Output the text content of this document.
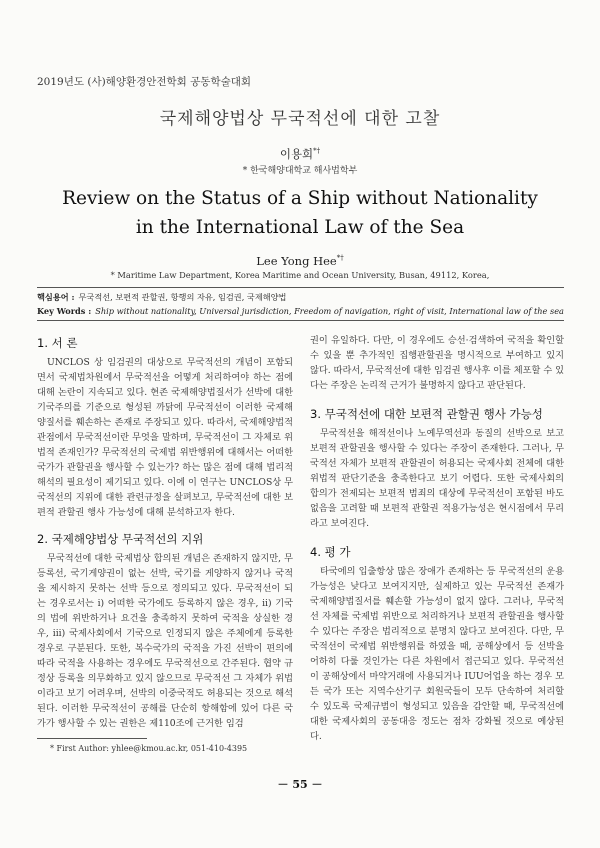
2019년도 (사)해양환경안전학회 공동학술대회
국제해양법상 무국적선에 대한 고찰
이용희*†
* 한국해양대학교 해사법학부
Review on the Status of a Ship without Nationality
in the International Law of the Sea
Lee Yong Hee*†
* Maritime Law Department, Korea Maritime and Ocean University, Busan, 49112, Korea,
핵심용어 : 무국적선, 보편적 관할권, 항행의 자유, 임검권, 국제해양법
Key Words : Ship without nationality, Universal jurisdiction, Freedom of navigation, right of visit, International law of the sea
1. 서 론

UNCLOS 상 임검권의 대상으로 무국적선의 개념이 포함되면서 국제법차원에서 무국적선을 어떻게 처리하여야 하는 점에 대해 논란이 지속되고 있다. 현존 국제해양법질서가 선박에 대한 기국주의를 기준으로 형성된 까닭에 무국적선이 이러한 국제해양질서를 훼손하는 존재로 주장되고 있다. 따라서, 국제해양법적 관점에서 무국적선이란 무엇을 말하며, 무국적선이 그 자체로 위법적 존재인가? 무국적선의 국제법 위반행위에 대해서는 어떠한 국가가 관할권을 행사할 수 있는가? 하는 많은 점에 대해 법리적 해석의 필요성이 제기되고 있다. 이에 이 연구는 UNCLOS상 무국적선의 지위에 대한 관련규정을 살펴보고, 무국적선에 대한 보편적 관할권 행사 가능성에 대해 분석하고자 한다.

2. 국제해양법상 무국적선의 지위

무국적선에 대한 국제법상 합의된 개념은 존재하지 않지만, 무등록선, 국기게양권이 없는 선박, 국기를 게양하지 않거나 국적을 제시하지 못하는 선박 등으로 정의되고 있다. 무국적선이 되는 경우로서는 i) 어떠한 국가에도 등록하지 않은 경우, ii) 기국의 법에 위반하거나 요건을 충족하지 못하여 국적을 상실한 경우, iii) 국제사회에서 기국으로 인정되지 않은 주체에게 등록한 경우로 구분된다. 또한, 복수국가의 국적을 가진 선박이 편의에 따라 국적을 사용하는 경우에도 무국적선으로 간주된다. 협약 규정상 등록을 의무화하고 있지 않으므로 무국적선 그 자체가 위법이라고 보기 어려우며, 선박의 이중국적도 허용되는 것으로 해석된다. 이러한 무국적선이 공해를 단순히 항해함에 있어 다른 국가가 행사할 수 있는 권한은 제110조에 근거한 임검

권이 유일하다. 다만, 이 경우에도 승선·검색하여 국적을 확인할 수 있을 뿐 추가적인 집행관할권을 명시적으로 부여하고 있지 않다. 따라서, 무국적선에 대한 임검권 행사후 이를 체포할 수 있다는 주장은 논리적 근거가 불명하지 않다고 판단된다.

3. 무국적선에 대한 보편적 관할권 행사 가능성

무국적선을 해적선이나 노예무역선과 동질의 선박으로 보고 보편적 관할권을 행사할 수 있다는 주장이 존재한다. 그러나, 무국적선 자체가 보편적 관할권이 허용되는 국제사회 전체에 대한 위법적 판단기준을 충족한다고 보기 어렵다. 또한 국제사회의 합의가 전제되는 보편적 범죄의 대상에 무국적선이 포함된 바도 없음을 고려할 때 보편적 관할권 적용가능성은 현시점에서 무리라고 보여진다.

4. 평 가

타국에의 입출항상 많은 장애가 존재하는 등 무국적선의 운용가능성은 낮다고 보여지지만, 실제하고 있는 무국적선 존재가 국제해양법질서를 훼손할 가능성이 없지 않다. 그러나, 무국적선 자체를 국제법 위반으로 처리하거나 보편적 관할권을 행사할 수 있다는 주장은 법리적으로 분명치 않다고 보여진다. 다만, 무국적선이 국제법 위반행위를 하였을 때, 공해상에서 등 선박을 어하히 다룰 것인가는 다른 차원에서 접근되고 있다. 무국적선이 공해상에서 마약거래에 사용되거나 IUU어업을 하는 경우 모든 국가 또는 지역수산기구 회원국들이 모두 단속하여 처리할 수 있도록 국제규범이 형성되고 있음을 감안할 때, 무국적선에 대한 국제사회의 공동대응 정도는 점차 강화될 것으로 예상된다.

* First Author: yhlee@kmou.ac.kr, 051-410-4395
－ 55 －
